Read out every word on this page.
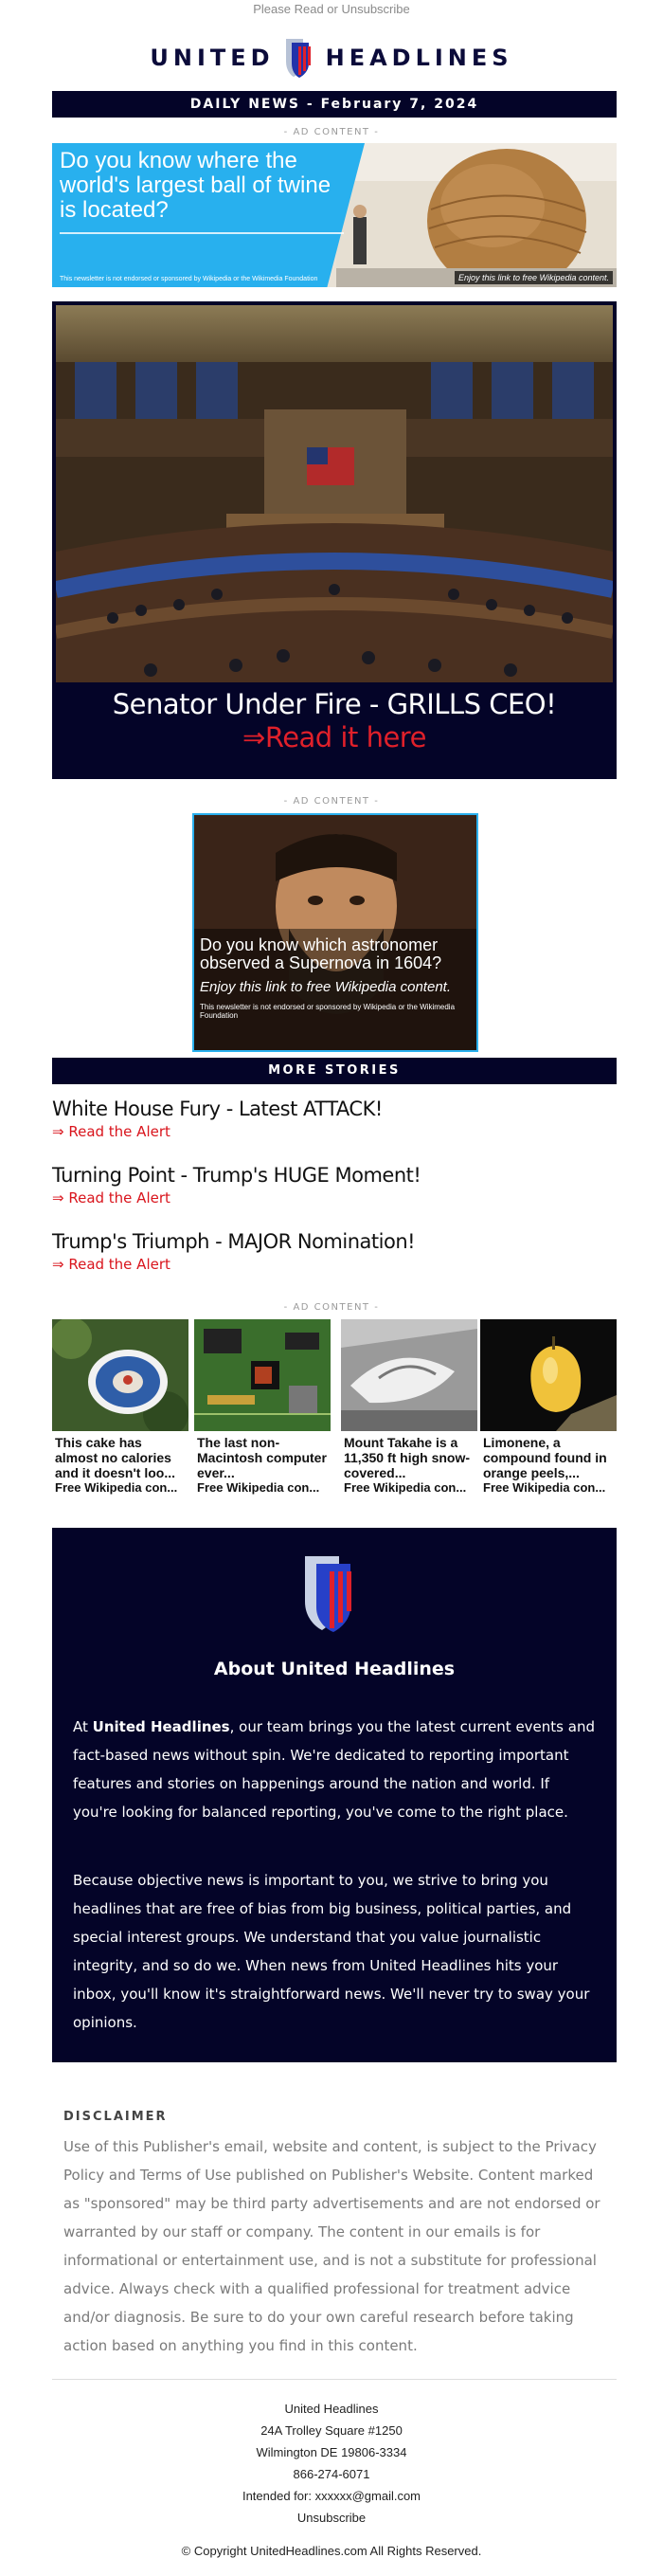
Please Read or Unsubscribe
UNITED HEADLINES
DAILY NEWS - February 7, 2024
- AD CONTENT -
Do you know where the world's largest ball of twine is located?
This newsletter is not endorsed or sponsored by Wikipedia or the Wikimedia Foundation	Enjoy this link to free Wikipedia content.
Senator Under Fire - GRILLS CEO!
⇒Read it here
- AD CONTENT -
Do you know which astronomer observed a Supernova in 1604?
Enjoy this link to free Wikipedia content.
This newsletter is not endorsed or sponsored by Wikipedia or the Wikimedia Foundation
MORE STORIES
White House Fury - Latest ATTACK!
⇒ Read the Alert
Turning Point - Trump's HUGE Moment!
⇒ Read the Alert
Trump's Triumph - MAJOR Nomination!
⇒ Read the Alert
- AD CONTENT -
This cake has almost no calories and it doesn't loo...
Free Wikipedia con...
The last non-Macintosh computer ever...
Free Wikipedia con...
Mount Takahe is a 11,350 ft high snow-covered...
Free Wikipedia con...
Limonene, a compound found in orange peels,...
Free Wikipedia con...
About United Headlines

At United Headlines, our team brings you the latest current events and fact-based news without spin. We're dedicated to reporting important features and stories on happenings around the nation and world. If you're looking for balanced reporting, you've come to the right place.

Because objective news is important to you, we strive to bring you headlines that are free of bias from big business, political parties, and special interest groups. We understand that you value journalistic integrity, and so do we. When news from United Headlines hits your inbox, you'll know it's straightforward news. We'll never try to sway your opinions.

DISCLAIMER
Use of this Publisher's email, website and content, is subject to the Privacy Policy and Terms of Use published on Publisher's Website. Content marked as "sponsored" may be third party advertisements and are not endorsed or warranted by our staff or company. The content in our emails is for informational or entertainment use, and is not a substitute for professional advice. Always check with a qualified professional for treatment advice and/or diagnosis. Be sure to do your own careful research before taking action based on anything you find in this content.
United Headlines
24A Trolley Square #1250
Wilmington DE 19806-3334
866-274-6071
Intended for: xxxxxx@gmail.com
Unsubscribe
© Copyright UnitedHeadlines.com All Rights Reserved.
